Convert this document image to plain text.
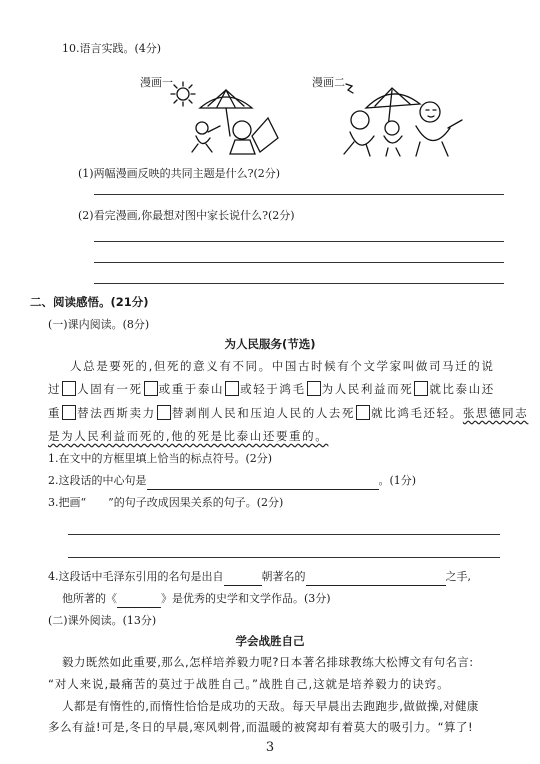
10.语言实践。(4分)
漫画一	漫画二
(1)两幅漫画反映的共同主题是什么?(2分)
(2)看完漫画,你最想对图中家长说什么?(2分)
二、阅读感悟。(21分)
(一)课内阅读。(8分)
为人民服务(节选)
人总是要死的,但死的意义有不同。中国古时候有个文学家叫做司马迁的说
过 人固有一死 或重于泰山 或轻于鸿毛 为人民利益而死 就比泰山还
重 替法西斯卖力 替剥削人民和压迫人民的人去死 就比鸿毛还轻。张思德同志
是为人民利益而死的,他的死是比泰山还要重的。
1.在文中的方框里填上恰当的标点符号。(2分)
2.这段话的中心句是	。(1分)
3.把画“ ”的句子改成因果关系的句子。(2分)
4.这段话中毛泽东引用的名句是出自	朝著名的	之手,
他所著的《	》是优秀的史学和文学作品。(3分)
(二)课外阅读。(13分)
学会战胜自己
毅力既然如此重要,那么,怎样培养毅力呢?日本著名排球教练大松博文有句名言:
“对人来说,最痛苦的莫过于战胜自己。”战胜自己,这就是培养毅力的诀窍。
人都是有惰性的,而惰性恰恰是成功的天敌。每天早晨出去跑跑步,做做操,对健康
多么有益!可是,冬日的早晨,寒风刺骨,而温暖的被窝却有着莫大的吸引力。“算了!
3
